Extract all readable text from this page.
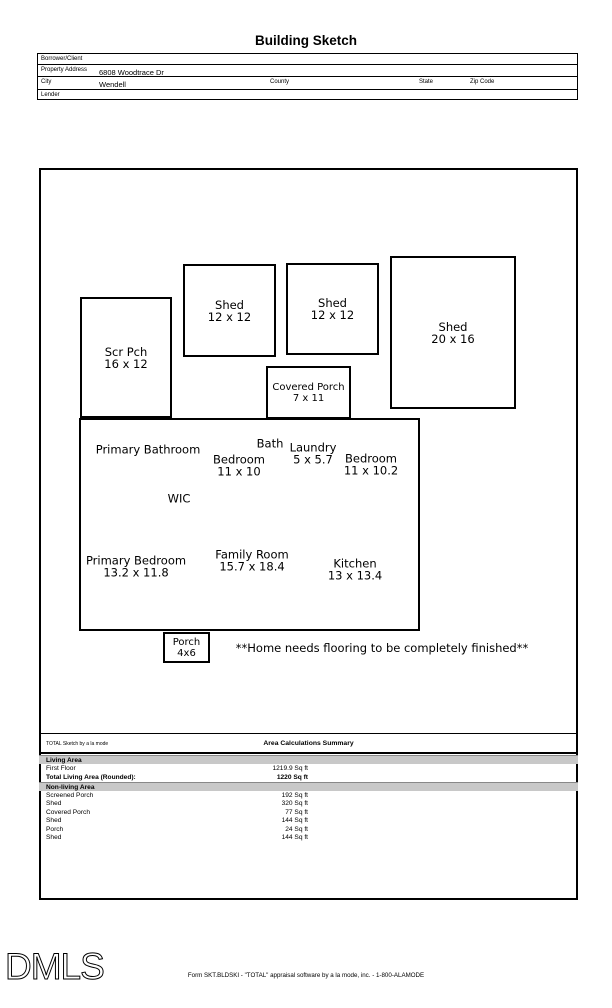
Building Sketch
Borrower/Client
Property Address 6808 Woodtrace Dr
City	Wendell	County	State	Zip Code
Lender
Scr Pch
16 x 12
Shed
12 x 12
Shed
12 x 12
Shed
20 x 16
Covered Porch
7 x 11
Porch
4x6
Primary Bathroom
Bedroom
11 x 10
Bath Laundry
5 x 5.7	Bedroom
11 x 10.2
WIC
Primary Bedroom
13.2 x 11.8
Family Room
15.7 x 18.4	Kitchen
13 x 13.4
**Home needs flooring to be completely finished**
TOTAL Sketch by a la mode	Area Calculations Summary
Living Area
First Floor	1219.9 Sq ft
Total Living Area (Rounded):	1220 Sq ft
Non-living Area
Screened Porch	192 Sq ft
Shed	320 Sq ft
Covered Porch	77 Sq ft
Shed	144 Sq ft
Porch	24 Sq ft
Shed	144 Sq ft
DMLS	Form SKT.BLDSKI - "TOTAL" appraisal software by a la mode, inc. - 1-800-ALAMODE
